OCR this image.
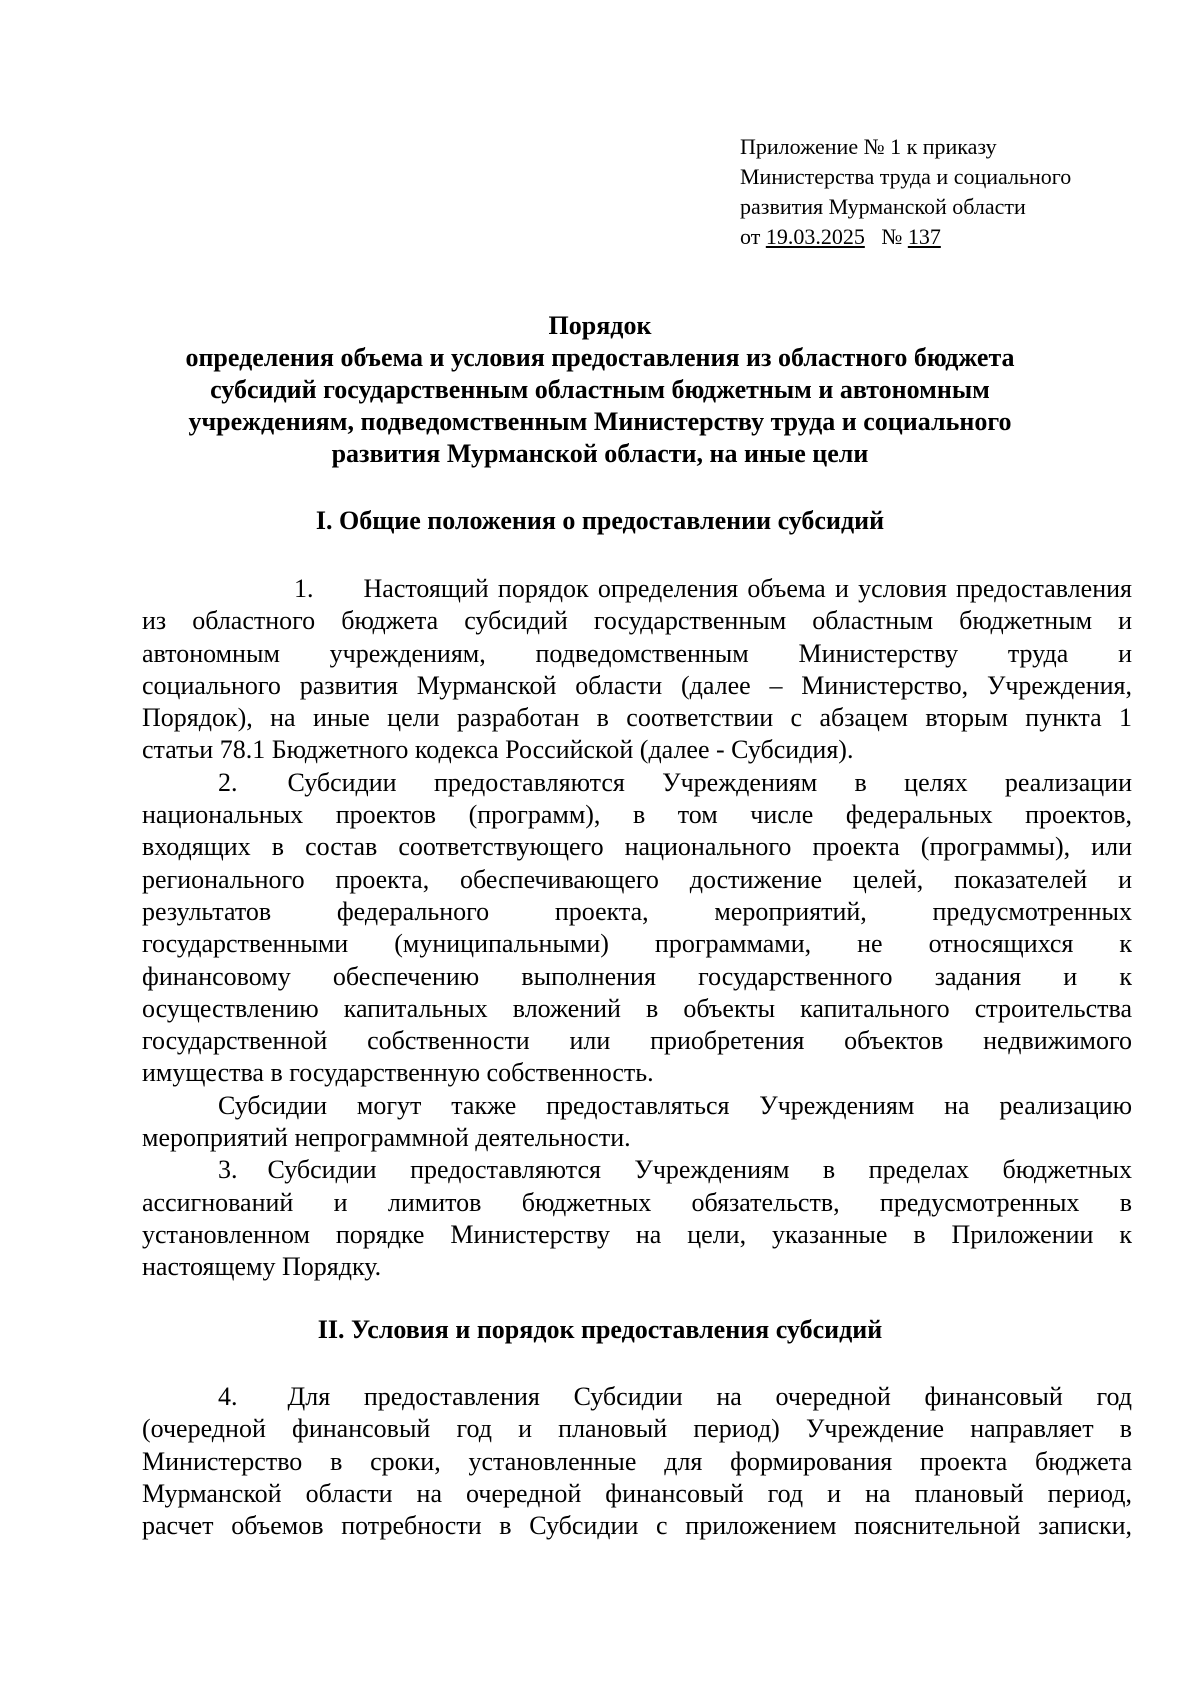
Приложение № 1 к приказу
Министерства труда и социального
развития Мурманской области
от 19.03.2025 № 137
Порядок
определения объема и условия предоставления из областного бюджета
субсидий государственным областным бюджетным и автономным
учреждениям, подведомственным Министерству труда и социального
развития Мурманской области, на иные цели
I. Общие положения о предоставлении субсидий
1.	Настоящий порядок определения объема и условия предоставления
из областного бюджета субсидий государственным областным бюджетным и
автономным учреждениям, подведомственным Министерству труда и
социального развития Мурманской области (далее – Министерство, Учреждения,
Порядок), на иные цели разработан в соответствии с абзацем вторым пункта 1
статьи 78.1 Бюджетного кодекса Российской (далее - Субсидия).
2.	Субсидии предоставляются Учреждениям в целях реализации
национальных проектов (программ), в том числе федеральных проектов,
входящих в состав соответствующего национального проекта (программы), или
регионального проекта, обеспечивающего достижение целей, показателей и
результатов федерального проекта, мероприятий, предусмотренных
государственными (муниципальными) программами, не относящихся к
финансовому обеспечению выполнения государственного задания и к
осуществлению капитальных вложений в объекты капитального строительства
государственной собственности или приобретения объектов недвижимого
имущества в государственную собственность.
Субсидии могут также предоставляться Учреждениям на реализацию
мероприятий непрограммной деятельности.
3.	Субсидии предоставляются Учреждениям в пределах бюджетных
ассигнований и лимитов бюджетных обязательств, предусмотренных в
установленном порядке Министерству на цели, указанные в Приложении к
настоящему Порядку.
II. Условия и порядок предоставления субсидий
4.	Для предоставления Субсидии на очередной финансовый год
(очередной финансовый год и плановый период) Учреждение направляет в
Министерство в сроки, установленные для формирования проекта бюджета
Мурманской области на очередной финансовый год и на плановый период,
расчет объемов потребности в Субсидии с приложением пояснительной записки,
